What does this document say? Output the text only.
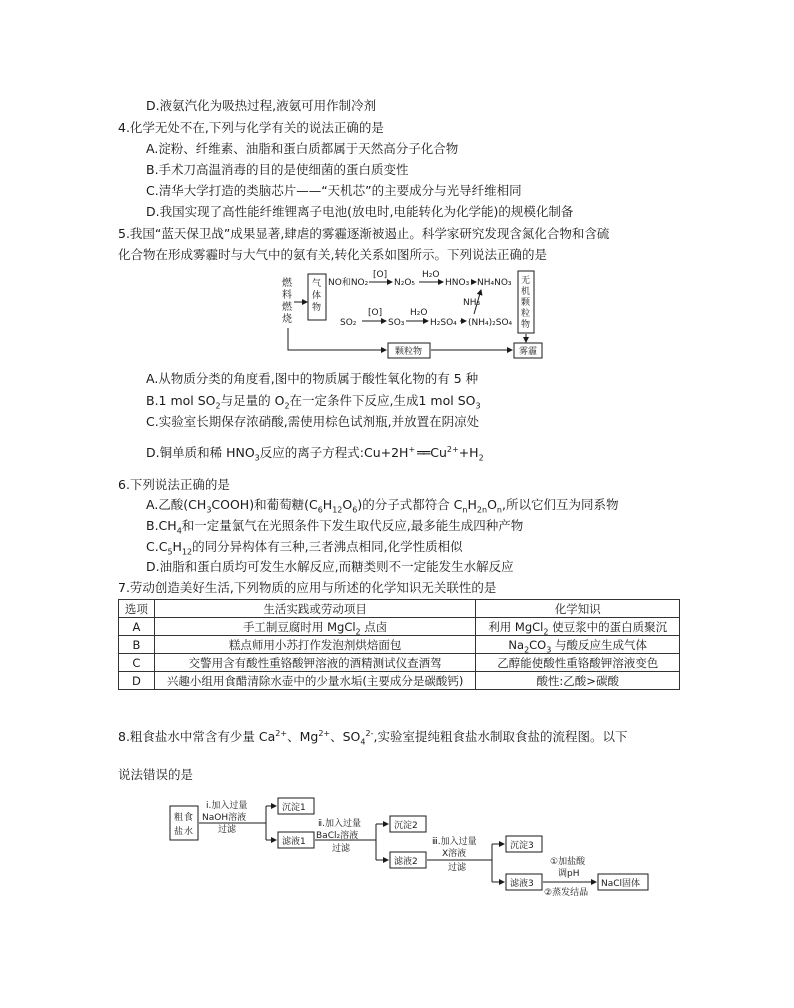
D.液氨汽化为吸热过程,液氨可用作制冷剂
4.化学无处不在,下列与化学有关的说法正确的是
A.淀粉、纤维素、油脂和蛋白质都属于天然高分子化合物
B.手术刀高温消毒的目的是使细菌的蛋白质变性
C.清华大学打造的类脑芯片——“天机芯”的主要成分与光导纤维相同
D.我国实现了高性能纤维锂离子电池(放电时,电能转化为化学能)的规模化制备
5.我国“蓝天保卫战”成果显著,肆虐的雾霾逐渐被遏止。科学家研究发现含氮化合物和含硫
化合物在形成雾霾时与大气中的氨有关,转化关系如图所示。下列说法正确的是
燃
料
燃
烧
气
体
物
NO和NO₂
[O]
N₂O₅
H₂O
HNO₃ NH₄NO₃
NH₃
SO₂
[O]
SO₃
H₂O
H₂SO₄ (NH₄)₂SO₄
无
机
颗
粒
物
颗粒物	雾霾
A.从物质分类的角度看,图中的物质属于酸性氧化物的有 5 种
B.1 mol $SO_2$与足量的 $O_2$在一定条件下反应,生成1 mol $SO_3$
C.实验室长期保存浓硝酸,需使用棕色试剂瓶,并放置在阴凉处
D.铜单质和稀 $HNO_3$反应的离子方程式:Cu+2H+ ══ $Cu^{2+}+H_2$
6.下列说法正确的是
A.乙酸$(CH_3COOH)$和葡萄糖$(C_6H_{12}O_6)$的分子式都符合 $C_nH_{2n}O_n$,所以它们互为同系物
$B.CH_4$和一定量氯气在光照条件下发生取代反应,最多能生成四种产物
$C.C_5H_{12}$的同分异构体有三种,三者沸点相同,化学性质相似
D.油脂和蛋白质均可发生水解反应,而糖类则不一定能发生水解反应
7.劳动创造美好生活,下列物质的应用与所述的化学知识无关联性的是
选项	生活实践或劳动项目	化学知识
A	手工制豆腐时用 MgCl$_2$ 点卤	利用 MgCl$_2$ 使豆浆中的蛋白质聚沉
B	糕点师用小苏打作发泡剂烘焙面包	$Na_2CO_3$ 与酸反应生成气体
C	交警用含有酸性重铬酸钾溶液的酒精测试仪查酒驾	乙醇能使酸性重铬酸钾溶液变色
D	兴趣小组用食醋清除水壶中的少量水垢(主要成分是碳酸钙)	酸性:乙酸>碳酸
8.粗食盐水中常含有少量 $Ca^{2+}$、$Mg^{2+}$、$SO_4^{2-}$,实验室提纯粗食盐水制取食盐的流程图。以下
说法错误的是
粗 食
盐 水
ⅰ.加入过量
NaOH溶液
过滤
沉淀1
滤液1
ⅱ.加入过量
BaCl₂溶液
过滤
沉淀2
滤液2
ⅲ.加入过量
X溶液
过滤
沉淀3
滤液3
①加盐酸
调pH
②蒸发结晶
NaCl固体
